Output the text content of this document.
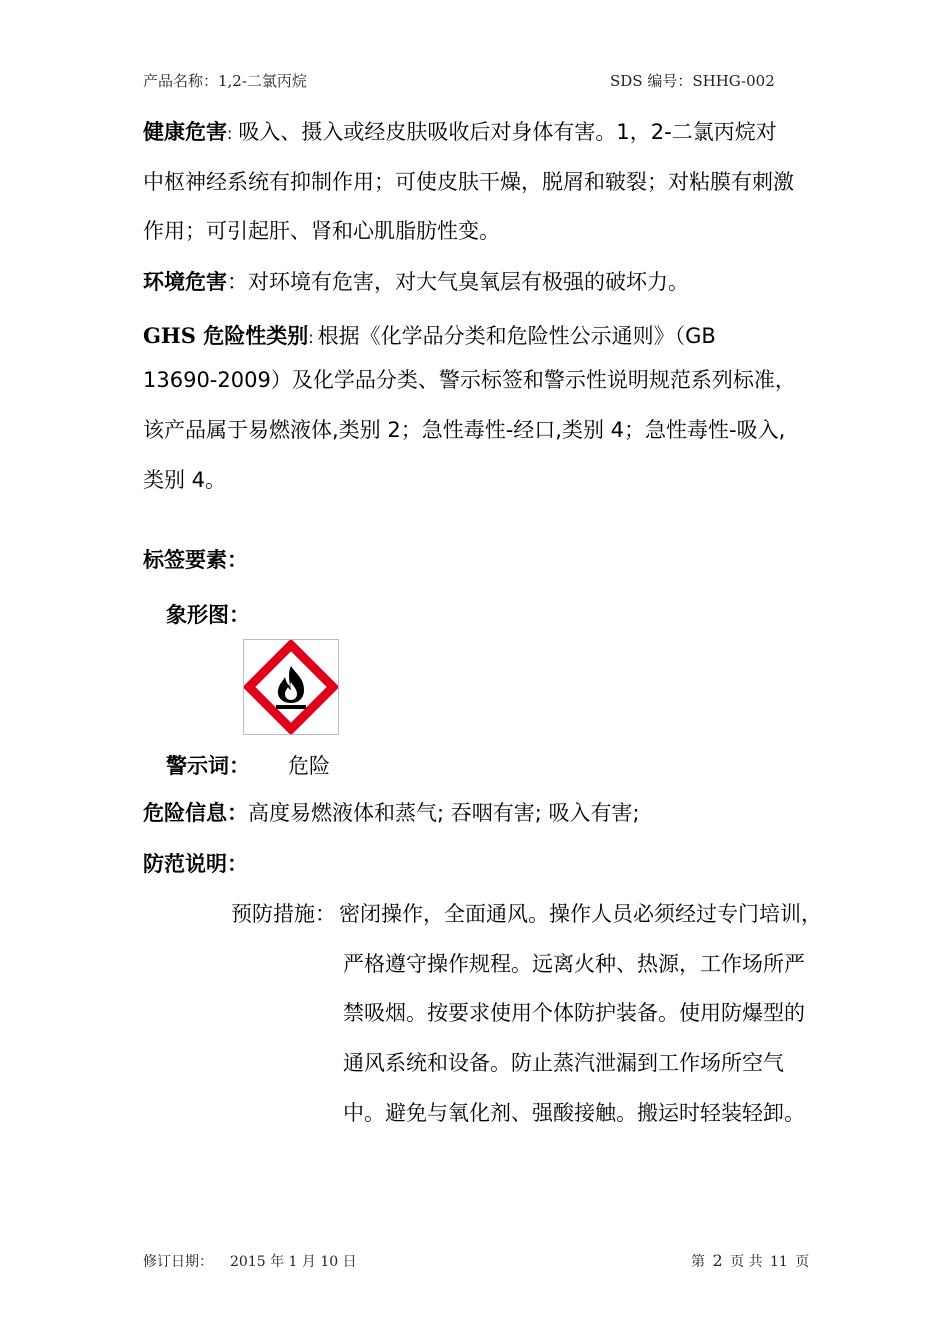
产品名称：1,2-二氯丙烷	SDS 编号：SHHG-002
健康危害: 吸入、摄入或经皮肤吸收后对身体有害。1，2-二氯丙烷对
中枢神经系统有抑制作用；可使皮肤干燥，脱屑和皲裂；对粘膜有刺激
作用；可引起肝、肾和心肌脂肪性变。
环境危害：对环境有危害，对大气臭氧层有极强的破坏力。
GHS 危险性类别: 根据《化学品分类和危险性公示通则》（GB
13690-2009）及化学品分类、警示标签和警示性说明规范系列标准，
该产品属于易燃液体,类别 2；急性毒性-经口,类别 4；急性毒性-吸入,
类别 4。
标签要素：
象形图：
警示词： 危险
危险信息：高度易燃液体和蒸气; 吞咽有害; 吸入有害;
防范说明：
预防措施： 密闭操作，全面通风。操作人员必须经过专门培训，
严格遵守操作规程。远离火种、热源，工作场所严
禁吸烟。按要求使用个体防护装备。使用防爆型的
通风系统和设备。防止蒸汽泄漏到工作场所空气
中。避免与氧化剂、强酸接触。搬运时轻装轻卸。
修订日期： 2015 年 1 月 10 日	第 2 页 共 11 页
